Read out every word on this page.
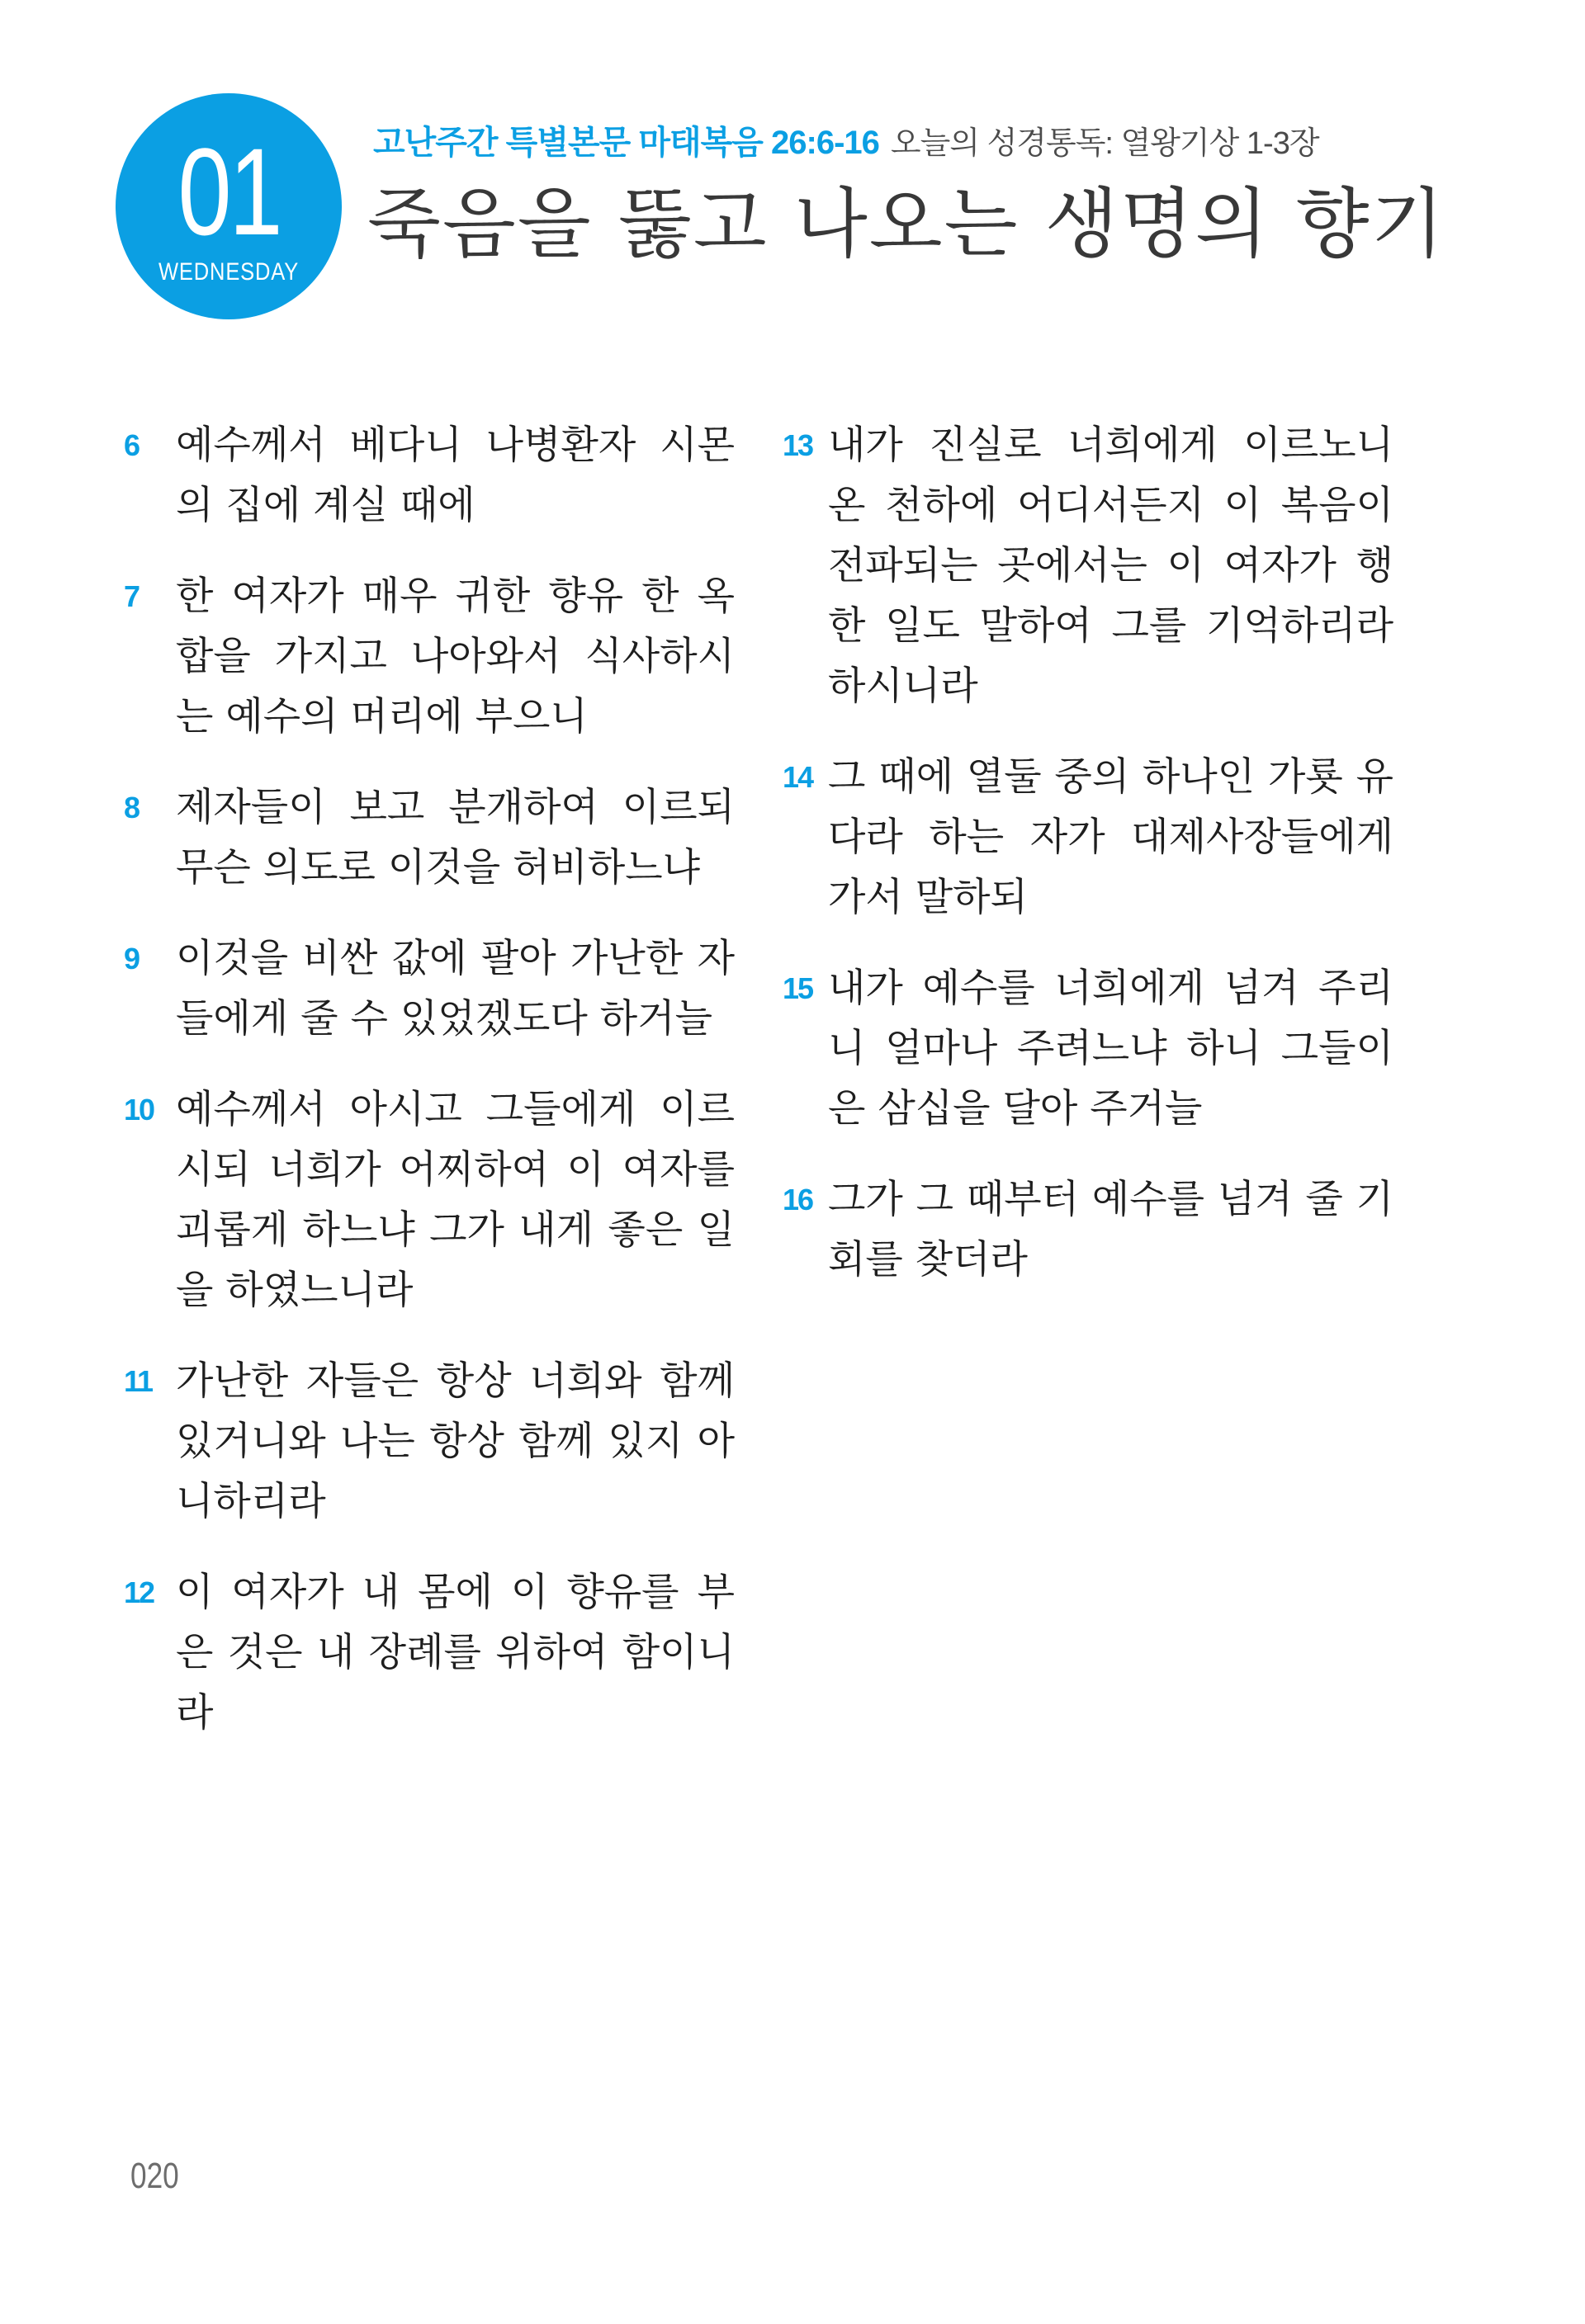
01
WEDNESDAY
고난주간 특별본문 마태복음 26:6-16 오늘의 성경통독: 열왕기상 1-3장
죽음을 뚫고 나오는 생명의 향기
6 예수께서 베다니 나병환자 시몬의 집에 계실 때에
7 한 여자가 매우 귀한 향유 한 옥합을 가지고 나아와서 식사하시는 예수의 머리에 부으니
8 제자들이 보고 분개하여 이르되 무슨 의도로 이것을 허비하느냐
9 이것을 비싼 값에 팔아 가난한 자들에게 줄 수 있었겠도다 하거늘
10 예수께서 아시고 그들에게 이르시되 너희가 어찌하여 이 여자를 괴롭게 하느냐 그가 내게 좋은 일을 하였느니라
11 가난한 자들은 항상 너희와 함께 있거니와 나는 항상 함께 있지 아니하리라
12 이 여자가 내 몸에 이 향유를 부은 것은 내 장례를 위하여 함이니라
13 내가 진실로 너희에게 이르노니 온 천하에 어디서든지 이 복음이 전파되는 곳에서는 이 여자가 행한 일도 말하여 그를 기억하리라 하시니라
14 그 때에 열둘 중의 하나인 가룟 유다라 하는 자가 대제사장들에게 가서 말하되
15 내가 예수를 너희에게 넘겨 주리니 얼마나 주려느냐 하니 그들이 은 삼십을 달아 주거늘
16 그가 그 때부터 예수를 넘겨 줄 기회를 찾더라
020
